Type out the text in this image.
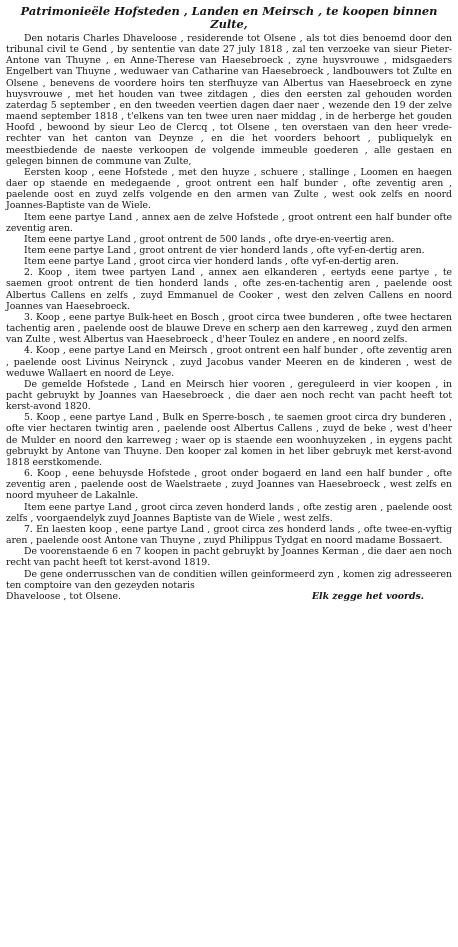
Patrimonieële Hofsteden , Landen en Meirsch , te koopen binnen Zulte,

Den notaris Charles Dhaveloose , residerende tot Olsene , als tot dies benoemd door den tribunal civil te Gend , by sententie van date 27 july 1818 , zal ten verzoeke van sieur Pieter-Antone van Thuyne , en Anne-Therese van Haesebroeck , zyne huysvrouwe , midsgaeders Engelbert van Thuyne , weduwaer van Catharine van Haesebroeck , landbouwers tot Zulte en Olsene , benevens de voordere hoirs ten sterfhuyze van Albertus van Haesebroeck en zyne huysvrouwe , met het houden van twee zitdagen , dies den eersten zal gehouden worden zaterdag 5 september , en den tweeden veertien dagen daer naer , wezende den 19 der zelve maend september 1818 , t'elkens van ten twee uren naer middag , in de herberge het gouden Hoofd , bewoond by sieur Leo de Clercq , tot Olsene , ten overstaen van den heer vrede-rechter van het canton van Deynze , en die het voorders behoort , publiquelyk en meestbiedende de naeste verkoopen de volgende immeuble goederen , alle gestaen en gelegen binnen de commune van Zulte,

Eersten koop , eene Hofstede , met den huyze , schuere , stallinge , Loomen en haegen daer op staende en medegaende , groot ontrent een half bunder , ofte zeventig aren , paelende oost en zuyd zelfs volgende en den armen van Zulte , west ook zelfs en noord Joannes-Baptiste van de Wiele.

Item eene partye Land , annex aen de zelve Hofstede , groot ontrent een half bunder ofte zeventig aren.

Item eene partye Land , groot ontrent de 500 lands , ofte drye-en-veertig aren.

Item eene partye Land , groot ontrent de vier honderd lands , ofte vyf-en-dertig aren.

Item eene partye Land , groot circa vier honderd lands , ofte vyf-en-dertig aren.

2. Koop , item twee partyen Land , annex aen elkanderen , eertyds eene partye , te saemen groot ontrent de tien honderd lands , ofte zes-en-tachentig aren , paelende oost Albertus Callens en zelfs , zuyd Emmanuel de Cooker , west den zelven Callens en noord Joannes van Haesebroeck.

3. Koop , eene partye Bulk-heet en Bosch , groot circa twee bunderen , ofte twee hectaren tachentig aren , paelende oost de blauwe Dreve en scherp aen den karreweg , zuyd den armen van Zulte , west Albertus van Haesebroeck , d'heer Toulez en andere , en noord zelfs.

4. Koop , eene partye Land en Meirsch , groot ontrent een half bunder , ofte zeventig aren , paelende oost Livinus Neirynck , zuyd Jacobus vander Meeren en de kinderen , west de weduwe Wallaert en noord de Leye.

De gemelde Hofstede , Land en Meirsch hier vooren , gereguleerd in vier koopen , in pacht gebruykt by Joannes van Haesebroeck , die daer aen noch recht van pacht heeft tot kerst-avond 1820.

5. Koop , eene partye Land , Bulk en Sperre-bosch , te saemen groot circa dry bunderen , ofte vier hectaren twintig aren , paelende oost Albertus Callens , zuyd de beke , west d'heer de Mulder en noord den karreweg ; waer op is staende een woonhuyzeken , in eygens pacht gebruykt by Antone van Thuyne. Den kooper zal komen in het liber gebruyk met kerst-avond 1818 eerstkomende.

6. Koop , eene behuysde Hofstede , groot onder bogaerd en land een half bunder , ofte zeventig aren , paelende oost de Waelstraete , zuyd Joannes van Haesebroeck , west zelfs en noord myuheer de Lakalnle.

Item eene partye Land , groot circa zeven honderd lands , ofte zestig aren , paelende oost zelfs , voorgaendelyk zuyd Joannes Baptiste van de Wiele , west zelfs.

7. En laesten koop , eene partye Land , groot circa zes honderd lands , ofte twee-en-vyftig aren , paelende oost Antone van Thuyne , zuyd Philippus Tydgat en noord madame Bossaert.

De voorenstaende 6 en 7 koopen in pacht gebruykt by Joannes Kerman , die daer aen noch recht van pacht heeft tot kerst-avond 1819.

De gene onderrusschen van de conditien willen geinformeerd zyn , komen zig adresseeren ten comptoire van den gezeyden notaris

Dhaveloose , tot Olsene.	Elk zegge het voords.
